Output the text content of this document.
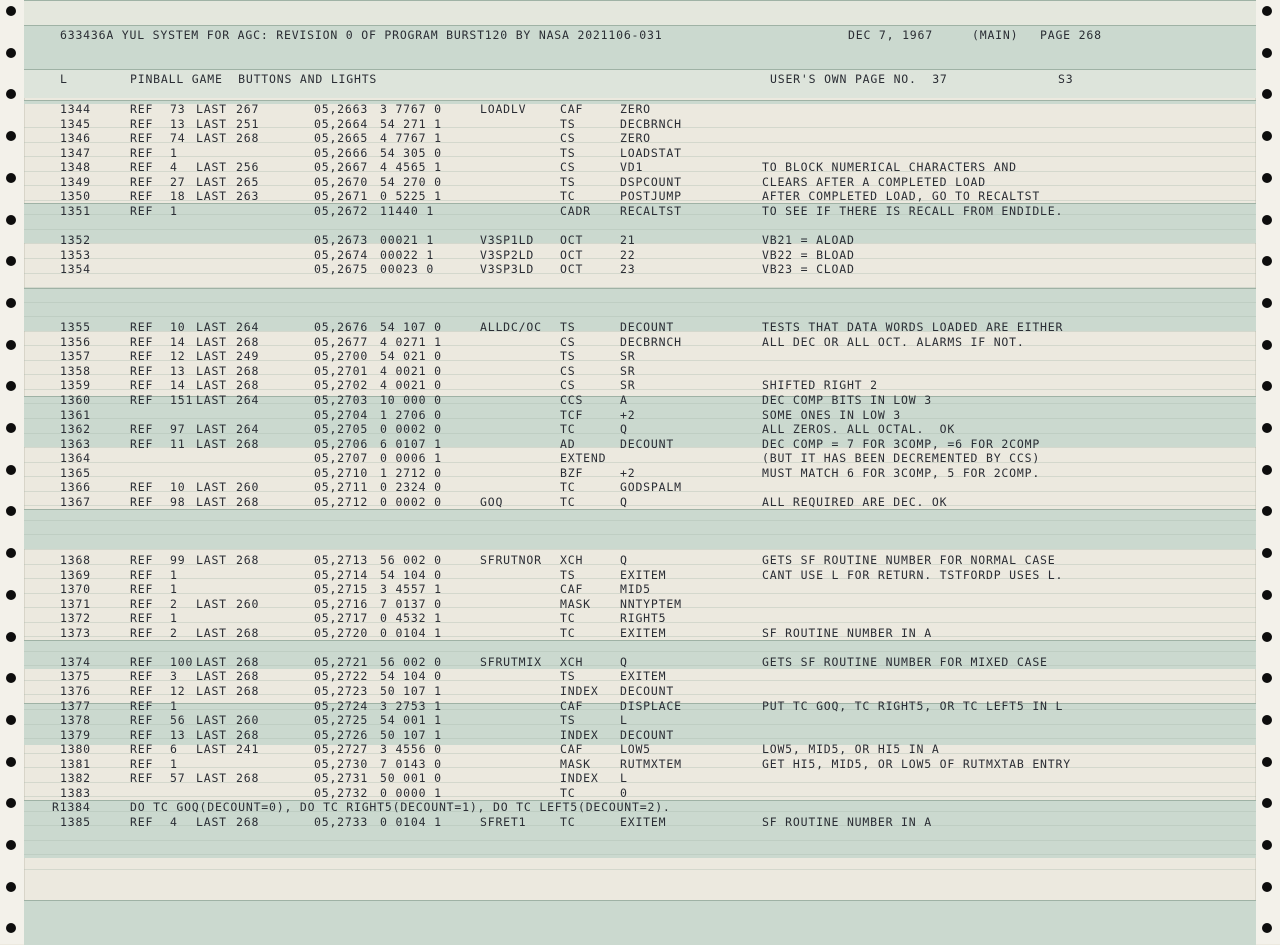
633436A YUL SYSTEM FOR AGC: REVISION 0 OF PROGRAM BURST120 BY NASA 2021106-031	DEC 7, 1967	(MAIN) PAGE 268
L	PINBALL GAME  BUTTONS AND LIGHTS	USER'S OWN PAGE NO.  37	S3
1344	REF 73 LAST 267	05,2663 3 7767 0	LOADLV	CAF	ZERO
1345	REF 13 LAST 251	05,2664 54 271 1	TS	DECBRNCH
1346	REF 74 LAST 268	05,2665 4 7767 1	CS	ZERO
1347	REF 1	05,2666 54 305 0	TS	LOADSTAT
1348	REF 4 LAST 256	05,2667 4 4565 1	CS	VD1	TO BLOCK NUMERICAL CHARACTERS AND
1349	REF 27 LAST 265	05,2670 54 270 0	TS	DSPCOUNT	CLEARS AFTER A COMPLETED LOAD
1350	REF 18 LAST 263	05,2671 0 5225 1	TC	POSTJUMP	AFTER COMPLETED LOAD, GO TO RECALTST
1351	REF 1	05,2672 11440 1	CADR	RECALTST	TO SEE IF THERE IS RECALL FROM ENDIDLE.
1352	05,2673 00021 1	V3SP1LD OCT	21	VB21 = ALOAD
1353	05,2674 00022 1	V3SP2LD OCT	22	VB22 = BLOAD
1354	05,2675 00023 0	V3SP3LD OCT	23	VB23 = CLOAD
1355	REF 10 LAST 264	05,2676 54 107 0	ALLDC/OC TS	DECOUNT	TESTS THAT DATA WORDS LOADED ARE EITHER
1356	REF 14 LAST 268	05,2677 4 0271 1	CS	DECBRNCH	ALL DEC OR ALL OCT. ALARMS IF NOT.
1357	REF 12 LAST 249	05,2700 54 021 0	TS	SR
1358	REF 13 LAST 268	05,2701 4 0021 0	CS	SR
1359	REF 14 LAST 268	05,2702 4 0021 0	CS	SR	SHIFTED RIGHT 2
1360	REF 151 LAST 264	05,2703 10 000 0	CCS	A	DEC COMP BITS IN LOW 3
1361	05,2704 1 2706 0	TCF	+2	SOME ONES IN LOW 3
1362	REF 97 LAST 264	05,2705 0 0002 0	TC	Q	ALL ZEROS. ALL OCTAL.  OK
1363	REF 11 LAST 268	05,2706 6 0107 1	AD	DECOUNT	DEC COMP = 7 FOR 3COMP, =6 FOR 2COMP
1364	05,2707 0 0006 1	EXTEND	(BUT IT HAS BEEN DECREMENTED BY CCS)
1365	05,2710 1 2712 0	BZF	+2	MUST MATCH 6 FOR 3COMP, 5 FOR 2COMP.
1366	REF 10 LAST 260	05,2711 0 2324 0	TC	GODSPALM
1367	REF 98 LAST 268	05,2712 0 0002 0	GOQ	TC	Q	ALL REQUIRED ARE DEC. OK
1368	REF 99 LAST 268	05,2713 56 002 0	SFRUTNOR XCH	Q	GETS SF ROUTINE NUMBER FOR NORMAL CASE
1369	REF 1	05,2714 54 104 0	TS	EXITEM	CANT USE L FOR RETURN. TSTFORDP USES L.
1370	REF 1	05,2715 3 4557 1	CAF	MID5
1371	REF 2 LAST 260	05,2716 7 0137 0	MASK	NNTYPTEM
1372	REF 1	05,2717 0 4532 1	TC	RIGHT5
1373	REF 2 LAST 268	05,2720 0 0104 1	TC	EXITEM	SF ROUTINE NUMBER IN A
1374	REF 100 LAST 268	05,2721 56 002 0	SFRUTMIX XCH	Q	GETS SF ROUTINE NUMBER FOR MIXED CASE
1375	REF 3 LAST 268	05,2722 54 104 0	TS	EXITEM
1376	REF 12 LAST 268	05,2723 50 107 1	INDEX DECOUNT
1377	REF 1	05,2724 3 2753 1	CAF	DISPLACE	PUT TC GOQ, TC RIGHT5, OR TC LEFT5 IN L
1378	REF 56 LAST 260	05,2725 54 001 1	TS	L
1379	REF 13 LAST 268	05,2726 50 107 1	INDEX DECOUNT
1380	REF 6 LAST 241	05,2727 3 4556 0	CAF	LOW5	LOW5, MID5, OR HI5 IN A
1381	REF 1	05,2730 7 0143 0	MASK	RUTMXTEM	GET HI5, MID5, OR LOW5 OF RUTMXTAB ENTRY
1382	REF 57 LAST 268	05,2731 50 001 0	INDEX L
1383	05,2732 0 0000 1	TC	0
R1384	DO TC GOQ(DECOUNT=0), DO TC RIGHT5(DECOUNT=1), DO TC LEFT5(DECOUNT=2).
1385	REF 4 LAST 268	05,2733 0 0104 1	SFRET1	TC	EXITEM	SF ROUTINE NUMBER IN A
